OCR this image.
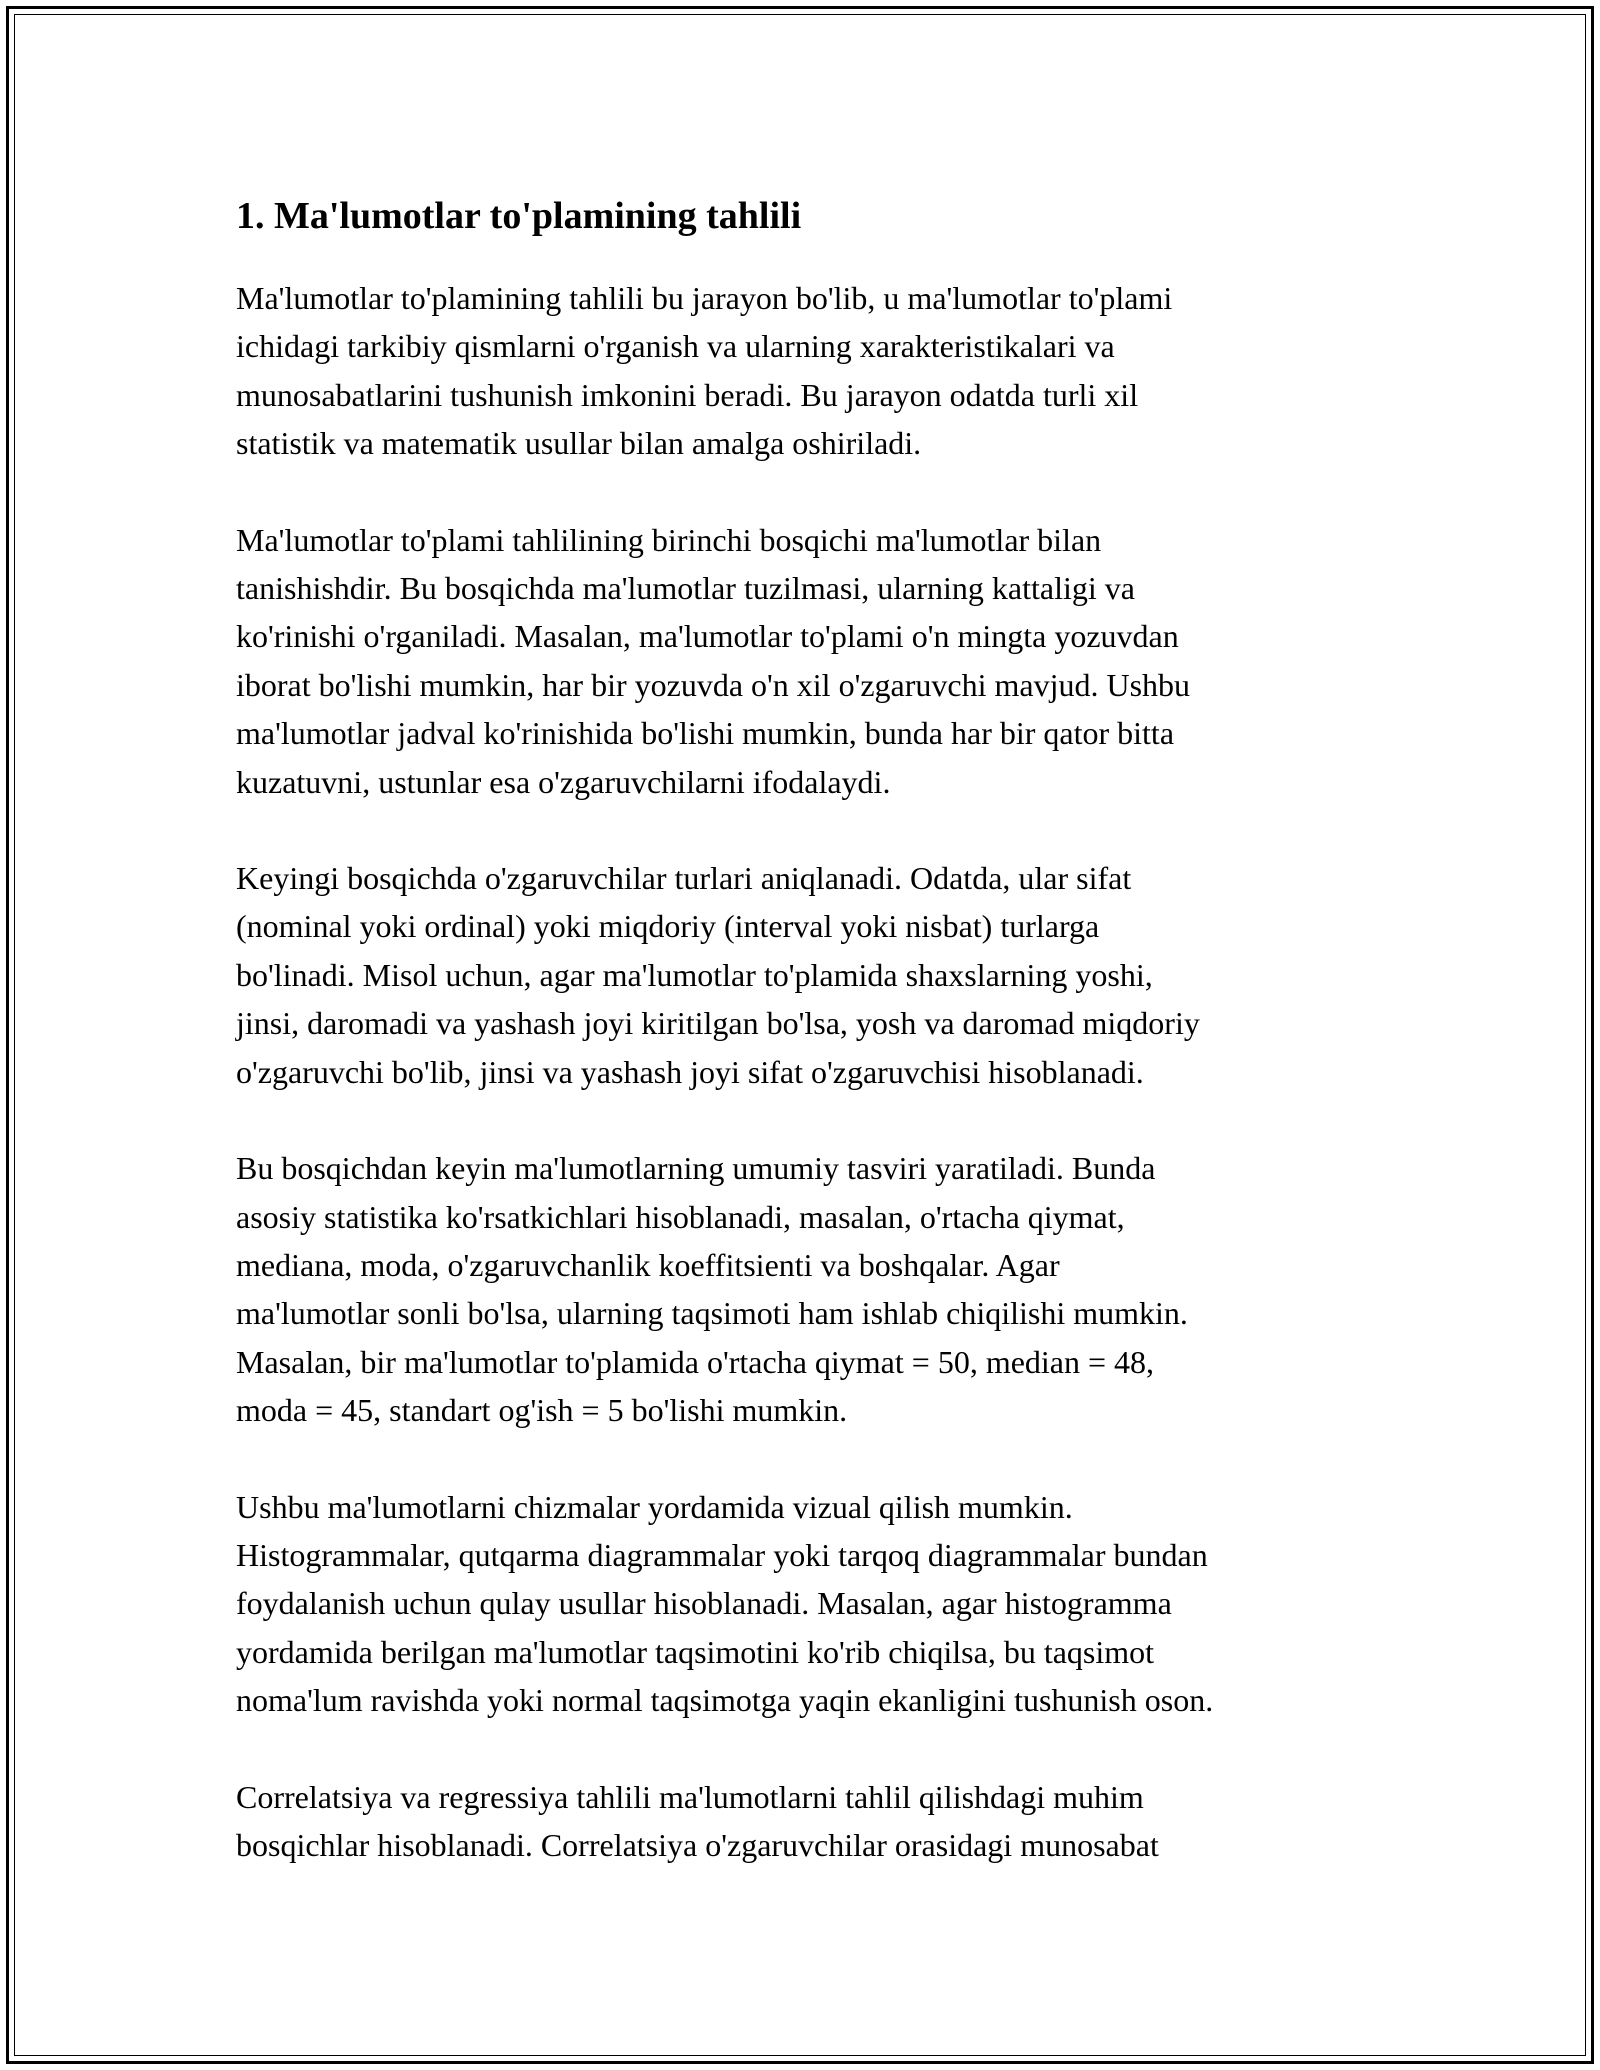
1. Ma'lumotlar to'plamining tahlili

Ma'lumotlar to'plamining tahlili bu jarayon bo'lib, u ma'lumotlar to'plami
ichidagi tarkibiy qismlarni o'rganish va ularning xarakteristikalari va
munosabatlarini tushunish imkonini beradi. Bu jarayon odatda turli xil
statistik va matematik usullar bilan amalga oshiriladi.

Ma'lumotlar to'plami tahlilining birinchi bosqichi ma'lumotlar bilan
tanishishdir. Bu bosqichda ma'lumotlar tuzilmasi, ularning kattaligi va
ko'rinishi o'rganiladi. Masalan, ma'lumotlar to'plami o'n mingta yozuvdan
iborat bo'lishi mumkin, har bir yozuvda o'n xil o'zgaruvchi mavjud. Ushbu
ma'lumotlar jadval ko'rinishida bo'lishi mumkin, bunda har bir qator bitta
kuzatuvni, ustunlar esa o'zgaruvchilarni ifodalaydi.

Keyingi bosqichda o'zgaruvchilar turlari aniqlanadi. Odatda, ular sifat
(nominal yoki ordinal) yoki miqdoriy (interval yoki nisbat) turlarga
bo'linadi. Misol uchun, agar ma'lumotlar to'plamida shaxslarning yoshi,
jinsi, daromadi va yashash joyi kiritilgan bo'lsa, yosh va daromad miqdoriy
o'zgaruvchi bo'lib, jinsi va yashash joyi sifat o'zgaruvchisi hisoblanadi.

Bu bosqichdan keyin ma'lumotlarning umumiy tasviri yaratiladi. Bunda
asosiy statistika ko'rsatkichlari hisoblanadi, masalan, o'rtacha qiymat,
mediana, moda, o'zgaruvchanlik koeffitsienti va boshqalar. Agar
ma'lumotlar sonli bo'lsa, ularning taqsimoti ham ishlab chiqilishi mumkin.
Masalan, bir ma'lumotlar to'plamida o'rtacha qiymat = 50, median = 48,
moda = 45, standart og'ish = 5 bo'lishi mumkin.

Ushbu ma'lumotlarni chizmalar yordamida vizual qilish mumkin.
Histogrammalar, qutqarma diagrammalar yoki tarqoq diagrammalar bundan
foydalanish uchun qulay usullar hisoblanadi. Masalan, agar histogramma
yordamida berilgan ma'lumotlar taqsimotini ko'rib chiqilsa, bu taqsimot
noma'lum ravishda yoki normal taqsimotga yaqin ekanligini tushunish oson.

Correlatsiya va regressiya tahlili ma'lumotlarni tahlil qilishdagi muhim
bosqichlar hisoblanadi. Correlatsiya o'zgaruvchilar orasidagi munosabat
